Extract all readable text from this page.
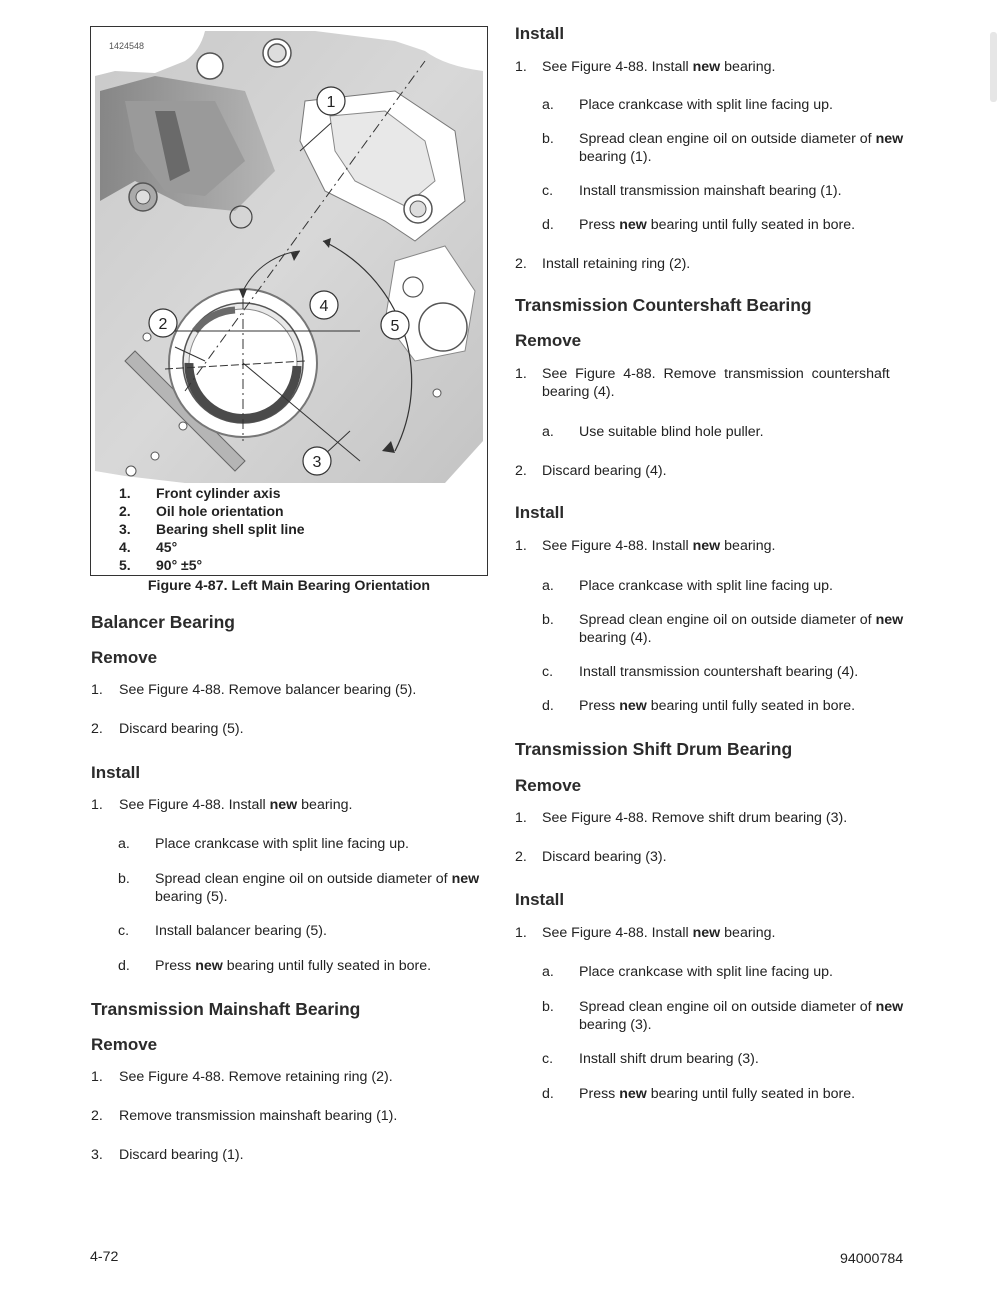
1
2
3
4
5
1424548
1. Front cylinder axis
2. Oil hole orientation
3. Bearing shell split line
4. 45°
5. 90° ±5°
Figure 4-87. Left Main Bearing Orientation
Balancer Bearing
Remove
1. See Figure 4-88. Remove balancer bearing (5).
2. Discard bearing (5).
Install
1. See Figure 4-88. Install new bearing.
a. Place crankcase with split line facing up.
b. Spread clean engine oil on outside diameter of new
bearing (5).
c. Install balancer bearing (5).
d. Press new bearing until fully seated in bore.
Transmission Mainshaft Bearing
Remove
1. See Figure 4-88. Remove retaining ring (2).
2. Remove transmission mainshaft bearing (1).
3. Discard bearing (1).
Install
1. See Figure 4-88. Install new bearing.
a. Place crankcase with split line facing up.
b. Spread clean engine oil on outside diameter of new
bearing (1).
c. Install transmission mainshaft bearing (1).
d. Press new bearing until fully seated in bore.
2. Install retaining ring (2).
Transmission Countershaft Bearing
Remove
1. See  Figure  4-88.  Remove  transmission  countershaft
bearing (4).
a. Use suitable blind hole puller.
2. Discard bearing (4).
Install
1. See Figure 4-88. Install new bearing.
a. Place crankcase with split line facing up.
b. Spread clean engine oil on outside diameter of new
bearing (4).
c. Install transmission countershaft bearing (4).
d. Press new bearing until fully seated in bore.
Transmission Shift Drum Bearing
Remove
1. See Figure 4-88. Remove shift drum bearing (3).
2. Discard bearing (3).
Install
1. See Figure 4-88. Install new bearing.
a. Place crankcase with split line facing up.
b. Spread clean engine oil on outside diameter of new
bearing (3).
c. Install shift drum bearing (3).
d. Press new bearing until fully seated in bore.
4-72	94000784
